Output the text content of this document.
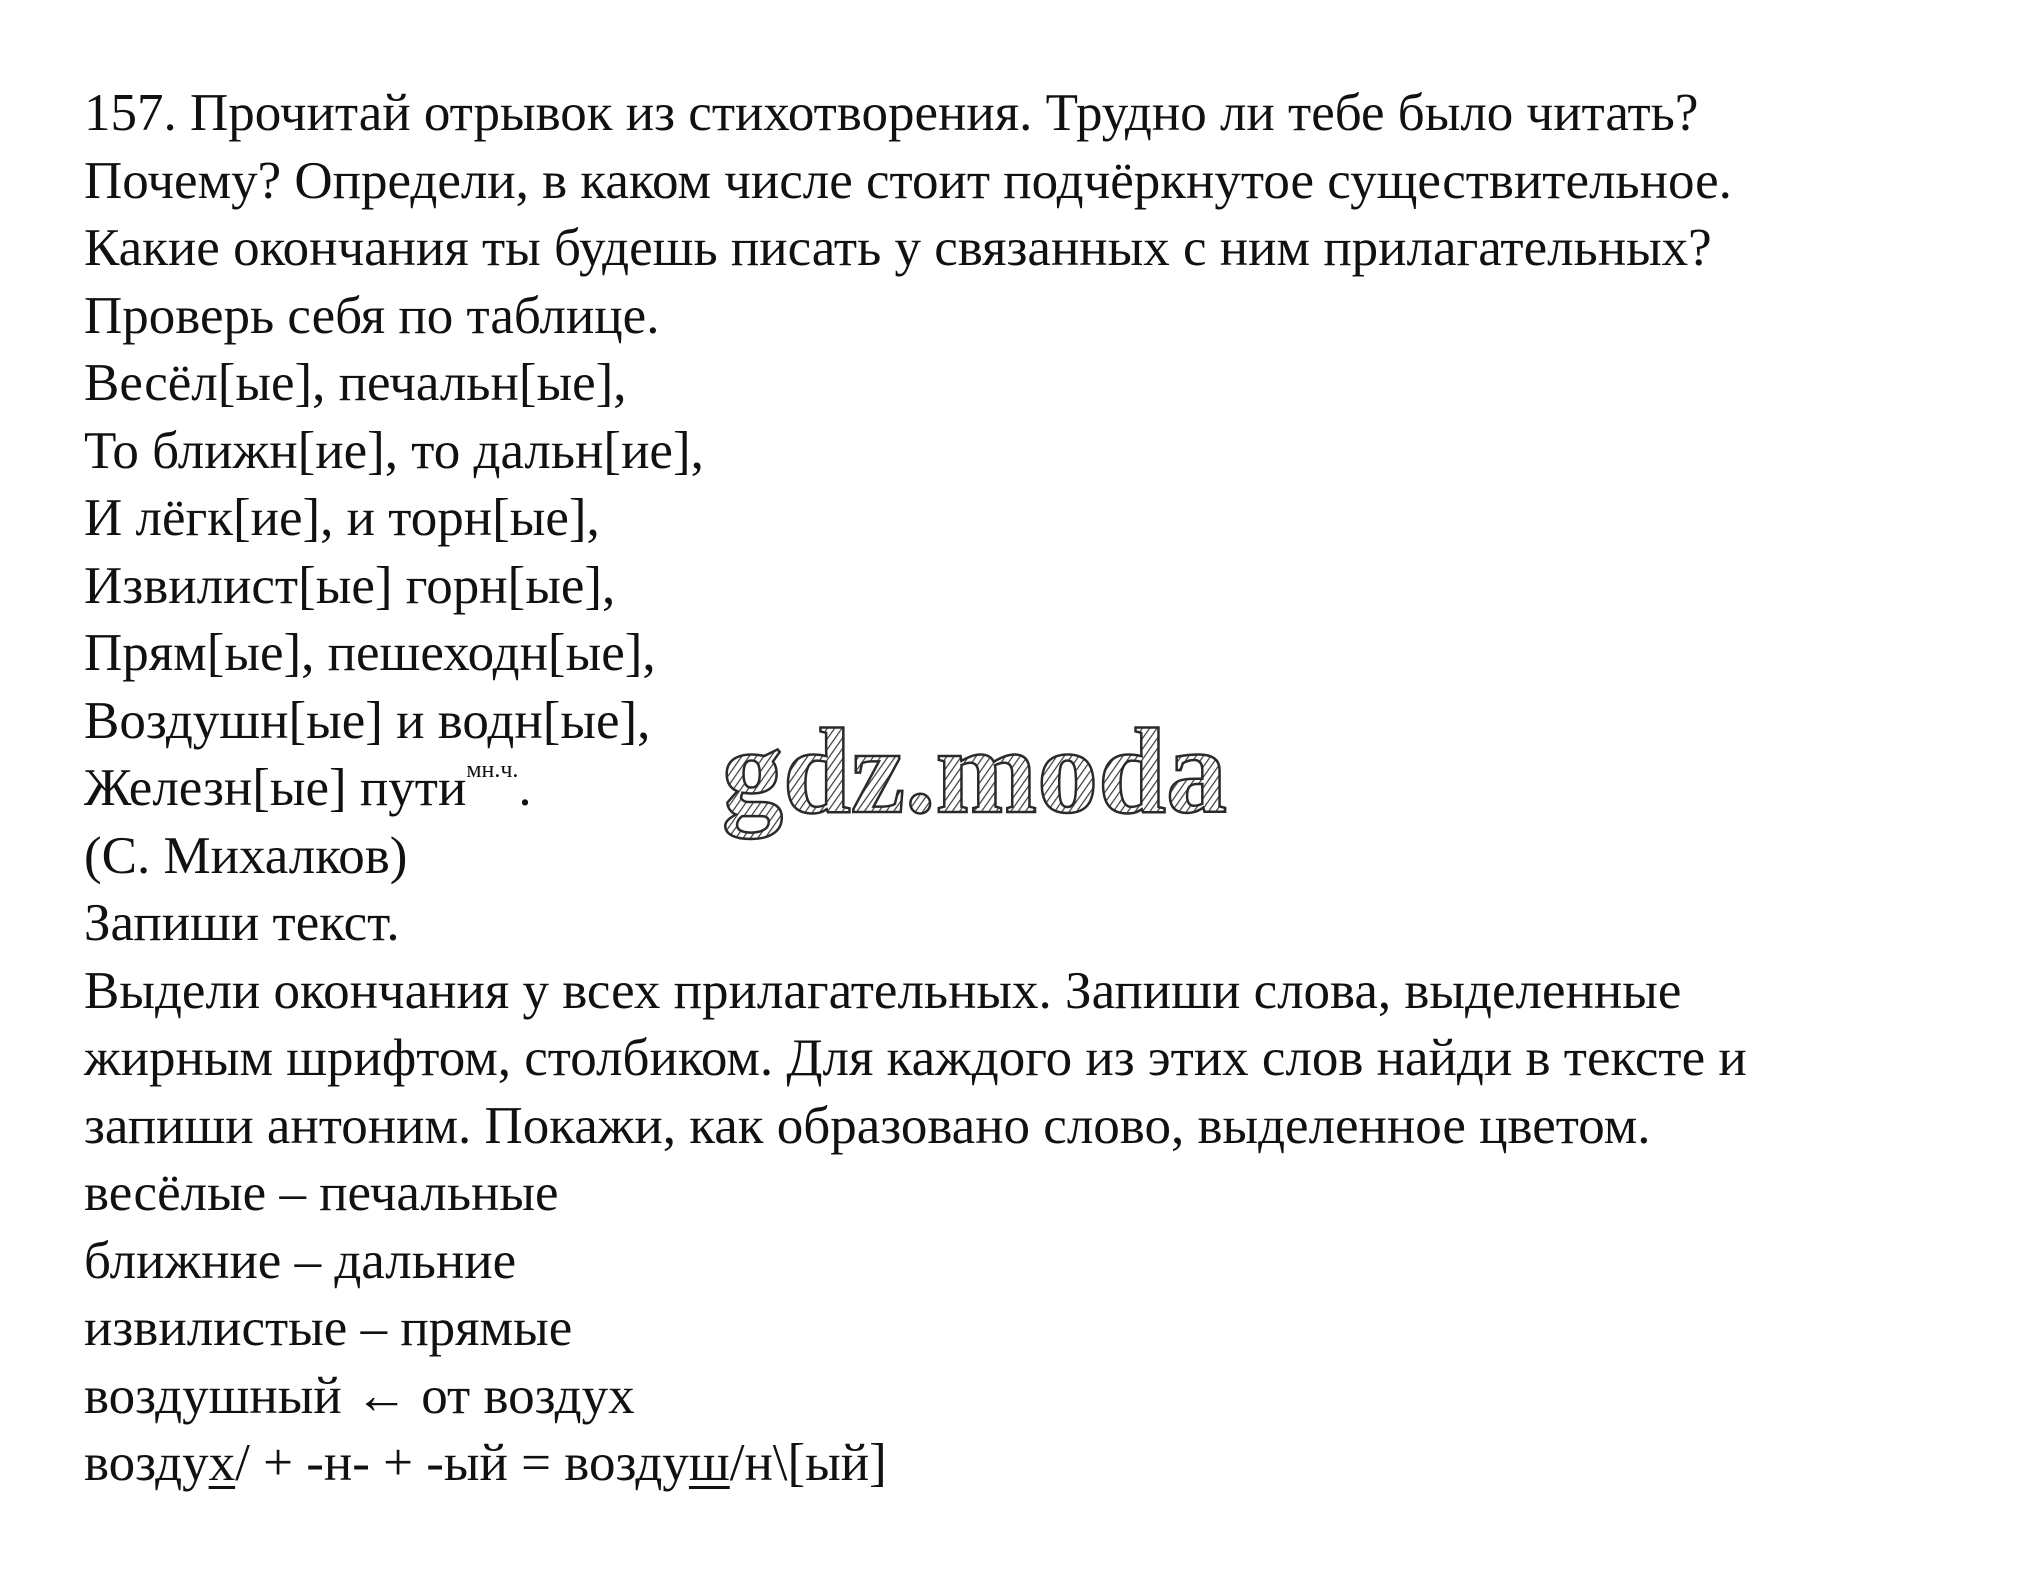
157. Прочитай отрывок из стихотворения. Трудно ли тебе было читать?
Почему? Определи, в каком числе стоит подчёркнутое существительное.
Какие окончания ты будешь писать у связанных с ним прилагательных?
Проверь себя по таблице.
Весёл[ые], печальн[ые],
То ближн[ие], то дальн[ие],
И лёгк[ие], и торн[ые],
Извилист[ые] горн[ые],
Прям[ые], пешеходн[ые],
Воздушн[ые] и водн[ые],
Железн[ые] пути$^{мн.ч.}$.
(С. Михалков)
Запиши текст.
Выдели окончания у всех прилагательных. Запиши слова, выделенные
жирным шрифтом, столбиком. Для каждого из этих слов найди в тексте и
запиши антоним. Покажи, как образовано слово, выделенное цветом.
весёлые – печальные
ближние – дальние
извилистые – прямые
воздушный ← от воздух
воздух/ + -н- + -ый = воздуш/н\[ый]
gdz.moda
